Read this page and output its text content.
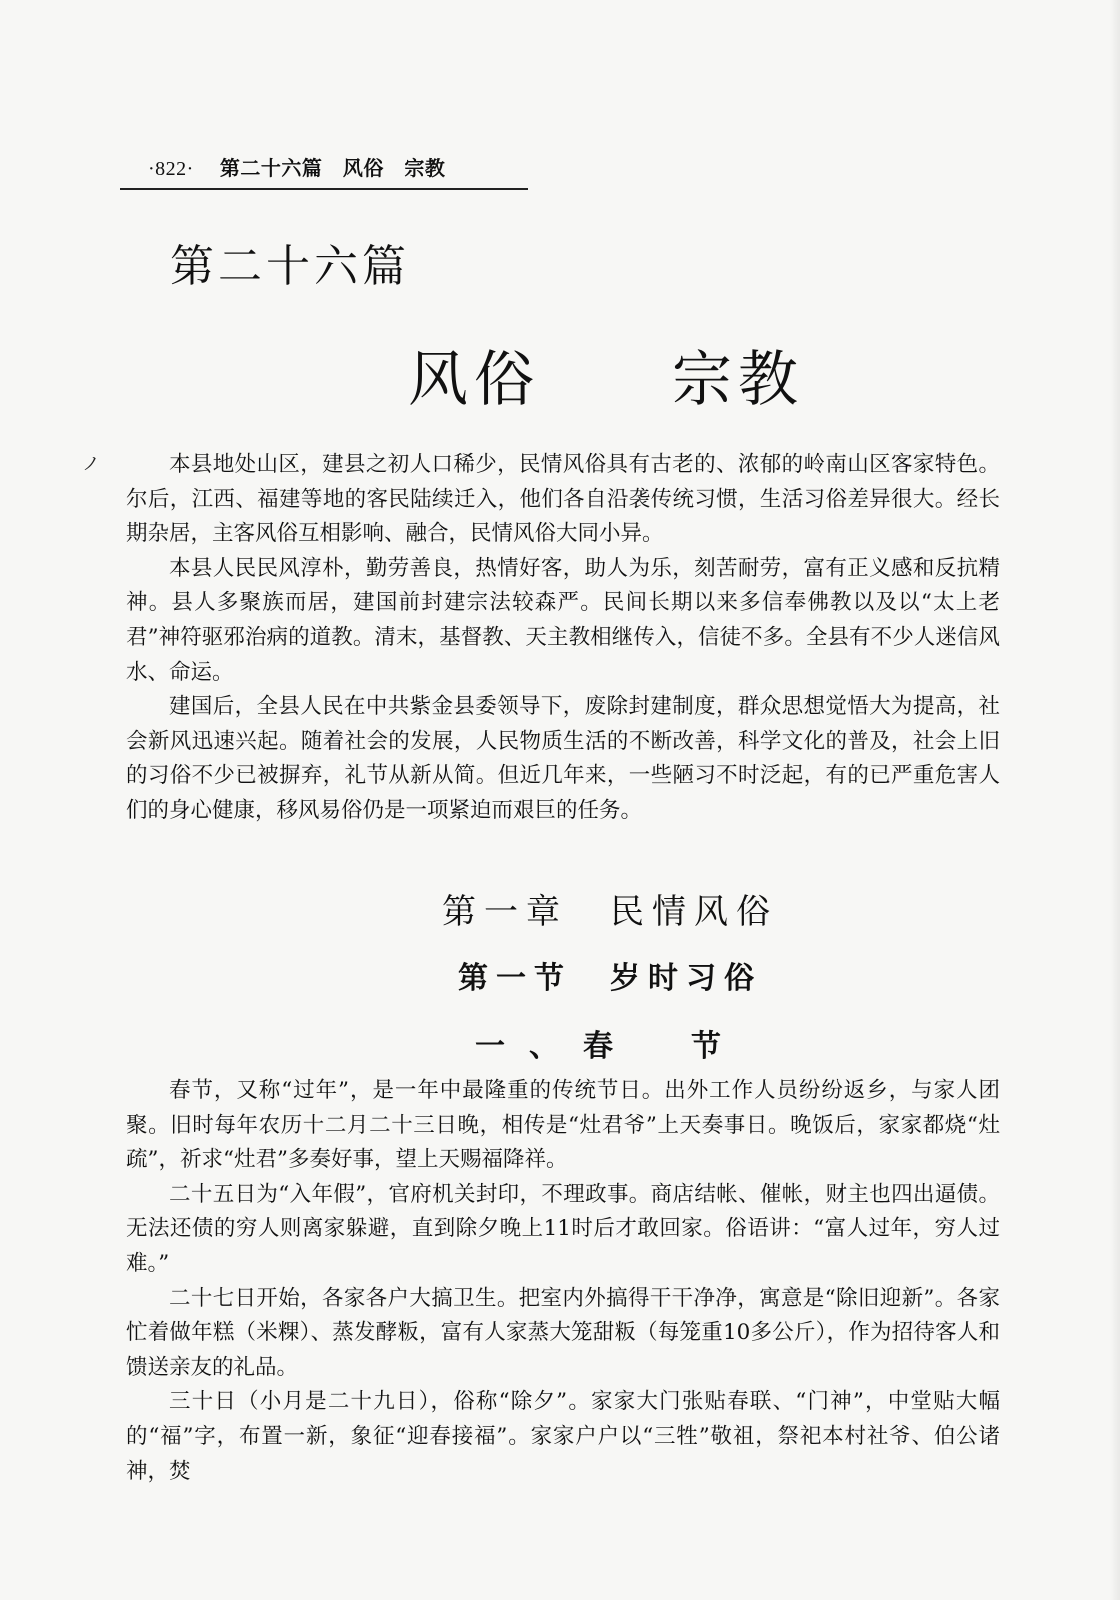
·822· 第二十六篇　风俗　宗教
第二十六篇
风俗　　宗教
ノ	本县地处山区，建县之初人口稀少，民情风俗具有古老的、浓郁的岭南山区客家特色。尔后，江西、福建等地的客民陆续迁入，他们各自沿袭传统习惯，生活习俗差异很大。经长期杂居，主客风俗互相影响、融合，民情风俗大同小异。

本县人民民风淳朴，勤劳善良，热情好客，助人为乐，刻苦耐劳，富有正义感和反抗精神。县人多聚族而居，建国前封建宗法较森严。民间长期以来多信奉佛教以及以“太上老君”神符驱邪治病的道教。清末，基督教、天主教相继传入，信徒不多。全县有不少人迷信风水、命运。

建国后，全县人民在中共紫金县委领导下，废除封建制度，群众思想觉悟大为提高，社会新风迅速兴起。随着社会的发展，人民物质生活的不断改善，科学文化的普及，社会上旧的习俗不少已被摒弃，礼节从新从简。但近几年来，一些陋习不时泛起，有的已严重危害人们的身心健康，移风易俗仍是一项紧迫而艰巨的任务。

第一章　民情风俗
第一节　岁时习俗
一、春　节

春节，又称“过年”，是一年中最隆重的传统节日。出外工作人员纷纷返乡，与家人团聚。旧时每年农历十二月二十三日晚，相传是“灶君爷”上天奏事日。晚饭后，家家都烧“灶疏”，祈求“灶君”多奏好事，望上天赐福降祥。

二十五日为“入年假”，官府机关封印，不理政事。商店结帐、催帐，财主也四出逼债。无法还债的穷人则离家躲避，直到除夕晚上11时后才敢回家。俗语讲：“富人过年，穷人过难。”

二十七日开始，各家各户大搞卫生。把室内外搞得干干净净，寓意是“除旧迎新”。各家忙着做年糕（米粿）、蒸发酵粄，富有人家蒸大笼甜粄（每笼重10多公斤），作为招待客人和馈送亲友的礼品。

三十日（小月是二十九日），俗称“除夕”。家家大门张贴春联、“门神”，中堂贴大幅的“福”字，布置一新，象征“迎春接福”。家家户户以“三牲”敬祖，祭祀本村社爷、伯公诸神，焚
